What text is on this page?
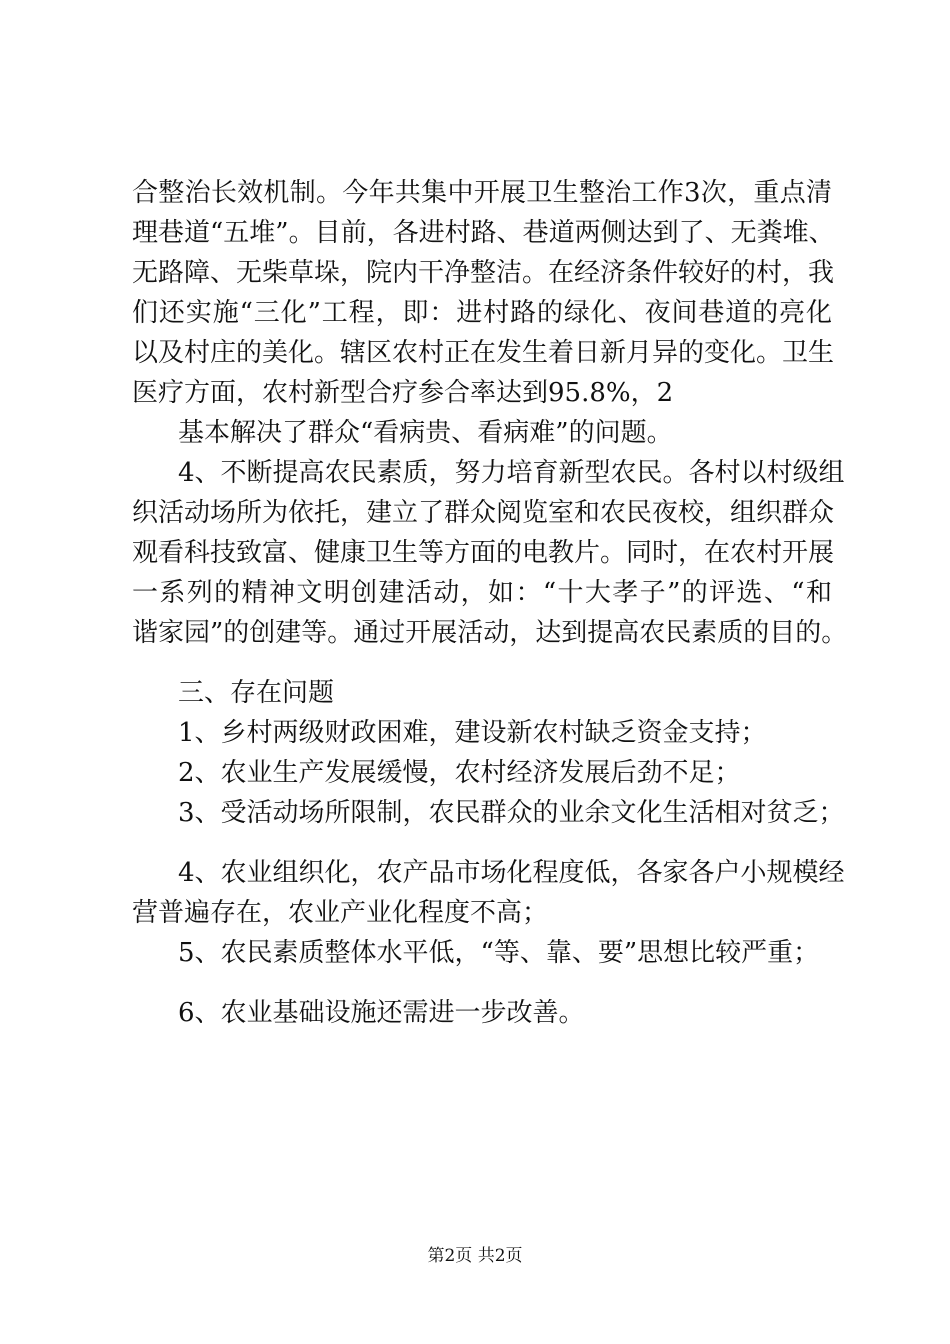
合整治长效机制。今年共集中开展卫生整治工作3次，重点清
理巷道“五堆”。目前，各进村路、巷道两侧达到了、无粪堆、
无路障、无柴草垛，院内干净整洁。在经济条件较好的村，我
们还实施“三化”工程，即：进村路的绿化、夜间巷道的亮化
以及村庄的美化。辖区农村正在发生着日新月异的变化。卫生
医疗方面，农村新型合疗参合率达到95.8%，2
基本解决了群众“看病贵、看病难”的问题。
4、不断提高农民素质，努力培育新型农民。各村以村级组
织活动场所为依托，建立了群众阅览室和农民夜校，组织群众
观看科技致富、健康卫生等方面的电教片。同时，在农村开展
一系列的精神文明创建活动，如：“十大孝子”的评选、“和
谐家园”的创建等。通过开展活动，达到提高农民素质的目的。
三、存在问题
1、乡村两级财政困难，建设新农村缺乏资金支持；
2、农业生产发展缓慢，农村经济发展后劲不足；
3、受活动场所限制，农民群众的业余文化生活相对贫乏；
4、农业组织化，农产品市场化程度低，各家各户小规模经
营普遍存在，农业产业化程度不高；
5、农民素质整体水平低，“等、靠、要”思想比较严重；
6、农业基础设施还需进一步改善。
第2页 共2页
